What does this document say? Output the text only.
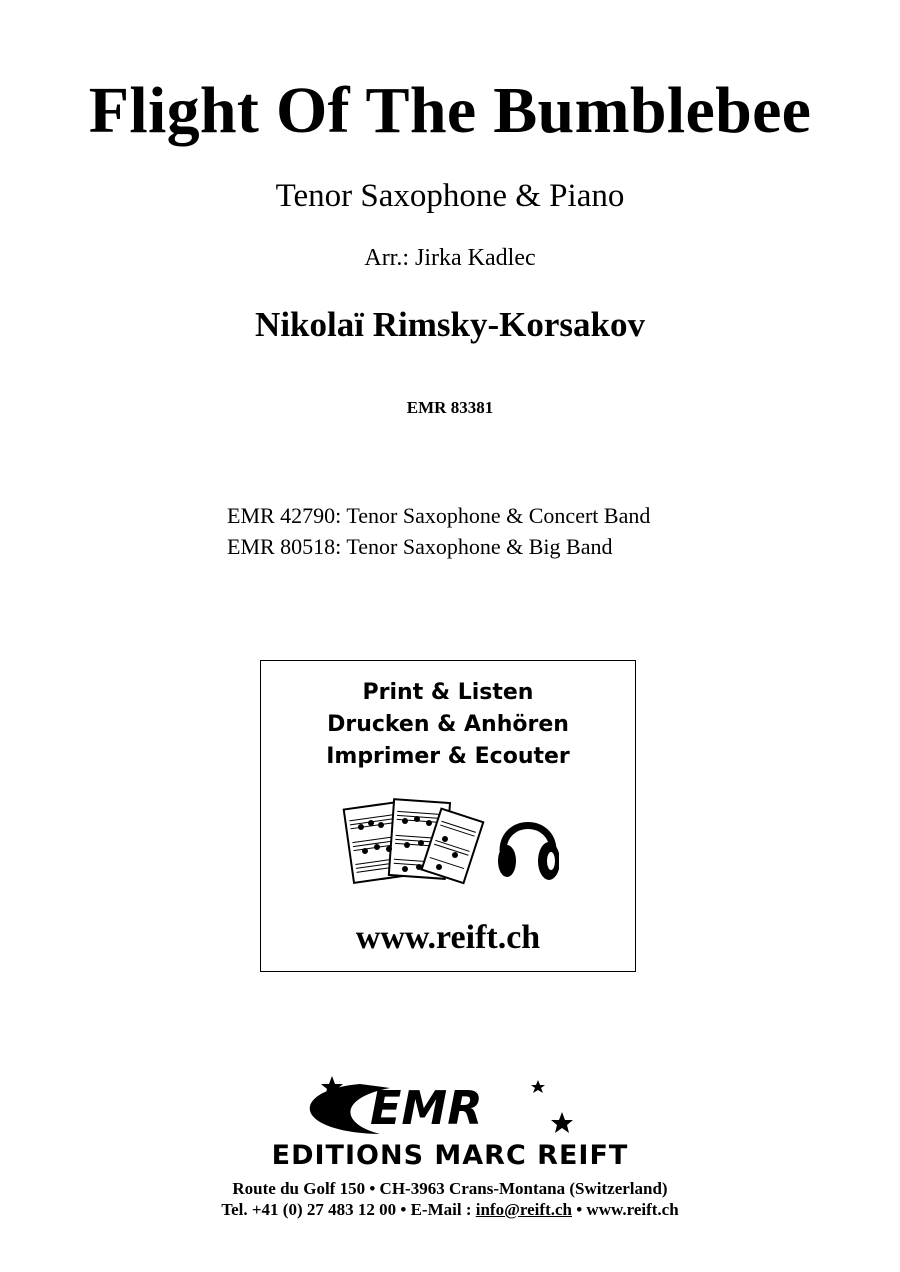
Flight Of The Bumblebee
Tenor Saxophone & Piano
Arr.: Jirka Kadlec
Nikolaï Rimsky-Korsakov
EMR 83381
EMR 42790: Tenor Saxophone & Concert Band
EMR 80518: Tenor Saxophone & Big Band
Print & Listen
Drucken & Anhören
Imprimer & Ecouter
www.reift.ch
EMR
EDITIONS MARC REIFT
Route du Golf 150 • CH-3963 Crans-Montana (Switzerland)
Tel. +41 (0) 27 483 12 00 • E-Mail : info@reift.ch • www.reift.ch
